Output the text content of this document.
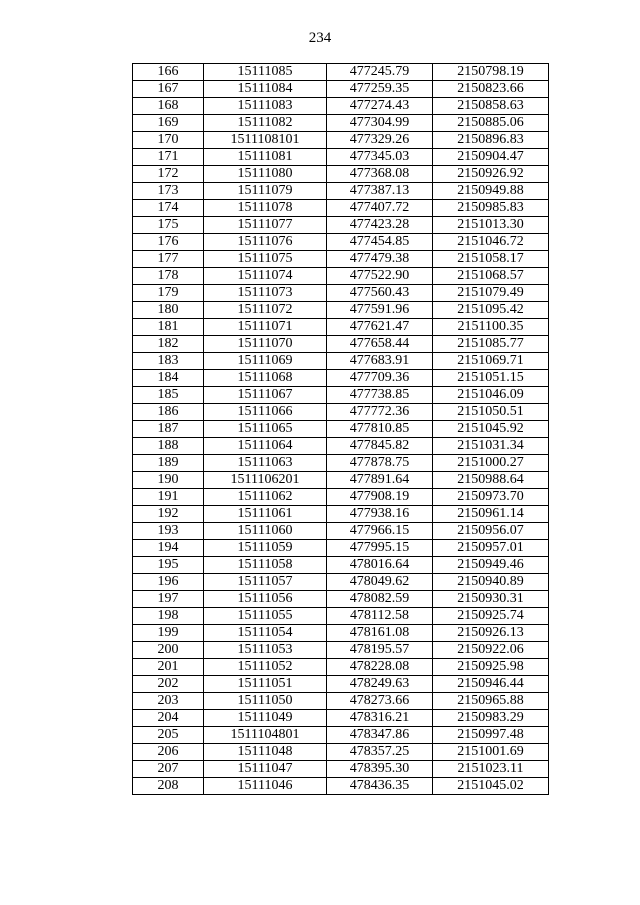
234
166	15111085	477245.79	2150798.19
167	15111084	477259.35	2150823.66
168	15111083	477274.43	2150858.63
169	15111082	477304.99	2150885.06
170	1511108101	477329.26	2150896.83
171	15111081	477345.03	2150904.47
172	15111080	477368.08	2150926.92
173	15111079	477387.13	2150949.88
174	15111078	477407.72	2150985.83
175	15111077	477423.28	2151013.30
176	15111076	477454.85	2151046.72
177	15111075	477479.38	2151058.17
178	15111074	477522.90	2151068.57
179	15111073	477560.43	2151079.49
180	15111072	477591.96	2151095.42
181	15111071	477621.47	2151100.35
182	15111070	477658.44	2151085.77
183	15111069	477683.91	2151069.71
184	15111068	477709.36	2151051.15
185	15111067	477738.85	2151046.09
186	15111066	477772.36	2151050.51
187	15111065	477810.85	2151045.92
188	15111064	477845.82	2151031.34
189	15111063	477878.75	2151000.27
190	1511106201	477891.64	2150988.64
191	15111062	477908.19	2150973.70
192	15111061	477938.16	2150961.14
193	15111060	477966.15	2150956.07
194	15111059	477995.15	2150957.01
195	15111058	478016.64	2150949.46
196	15111057	478049.62	2150940.89
197	15111056	478082.59	2150930.31
198	15111055	478112.58	2150925.74
199	15111054	478161.08	2150926.13
200	15111053	478195.57	2150922.06
201	15111052	478228.08	2150925.98
202	15111051	478249.63	2150946.44
203	15111050	478273.66	2150965.88
204	15111049	478316.21	2150983.29
205	1511104801	478347.86	2150997.48
206	15111048	478357.25	2151001.69
207	15111047	478395.30	2151023.11
208	15111046	478436.35	2151045.02
